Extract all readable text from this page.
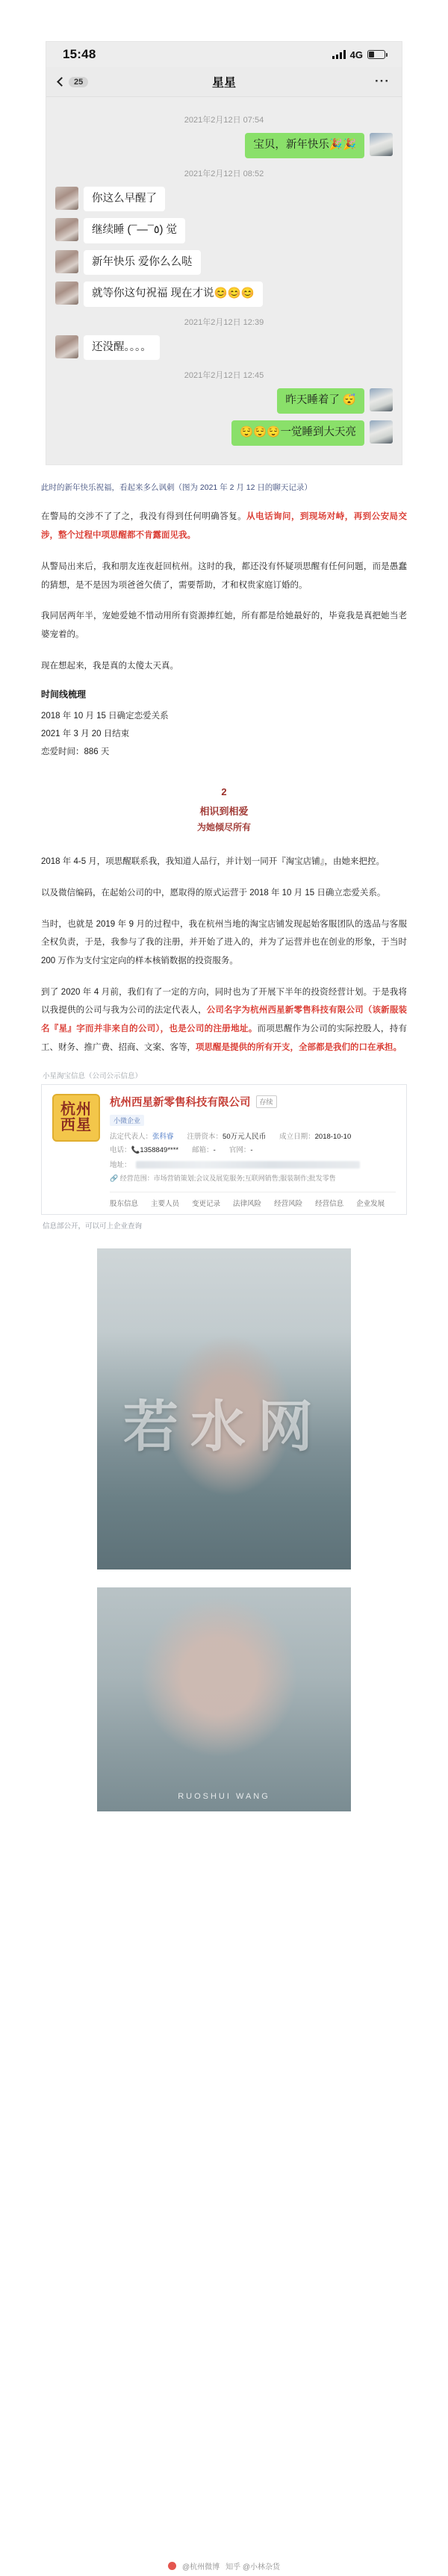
15:48	4G
25	星星	···
2021年2月12日 07:54
宝贝，新年快乐🎉🎉
2021年2月12日 08:52
你这么早醒了
继续睡 (¯―¯٥) 觉
新年快乐 爱你么么哒
就等你这句祝福 现在才说😊😊😊
2021年2月12日 12:39
还没醒。。。。
2021年2月12日 12:45
昨天睡着了 😴
😌😌😌一觉睡到大天亮
此时的新年快乐祝福，看起来多么讽刺（图为 2021 年 2 月 12 日的聊天记录）

在警局的交涉不了了之，我没有得到任何明确答复。从电话询问，到现场对峙，再到公安局交涉，整个过程中项思醒都不肯露面见我。

从警局出来后，我和朋友连夜赶回杭州。这时的我，都还没有怀疑项思醒有任何问题，而是愚蠢的猜想，是不是因为项爸爸欠债了，需要帮助，才和权贵家庭订婚的。

我同居两年半，宠她爱她不惜动用所有资源捧红她，所有都是给她最好的，毕竟我是真把她当老婆宠着的。

现在想起来，我是真的太傻太天真。

时间线梳理
2018 年 10 月 15 日确定恋爱关系
2021 年 3 月 20 日结束
恋爱时间：886 天
2
相识到相爱
为她倾尽所有

2018 年 4-5 月，项思醒联系我，我知道人品行，并计划一同开『淘宝店铺』，由她来把控。

以及微信编码，在起始公司的中，愿取得的原式运营于 2018 年 10 月 15 日确立恋爱关系。

当时，也就是 2019 年 9 月的过程中，我在杭州当地的淘宝店铺发现起始客服团队的选品与客服全权负责，于是，我参与了我的注册，并开始了进入的，并为了运营并也在创业的形象，于当时 200 万作为支付宝定向的样本核销数据的投资服务。

到了 2020 年 4 月前，我们有了一定的方向，同时也为了开展下半年的投资经营计划。于是我将以我提供的公司与我为公司的法定代表人，公司名字为杭州西星新零售科技有限公司（该新服装名『星』字而并非来自的公司），也是公司的注册地址。而项思醒作为公司的实际控股人，持有工、财务、推广费、招商、文案、客等，项思醒是提供的所有开支，全部都是我们的口在承担。

小星淘宝信息（公司公示信息）
杭州
西星
杭州西星新零售科技有限公司	存续
小微企业
法定代表人：张科睿 注册资本：50万元人民币 成立日期：2018-10-10
电话：📞1358849**** 邮箱：- 官网：-
地址：
🔗 经营范围：市场营销策划;会议及展览服务;互联网销售;服装制作;批发零售
股东信息 主要人员 变更记录 法律风险 经营风险 经营信息 企业发展
信息部公开，可以可上企业查询
若水网
RUOSHUI WANG
@杭州微博 知乎 @小林杂货
